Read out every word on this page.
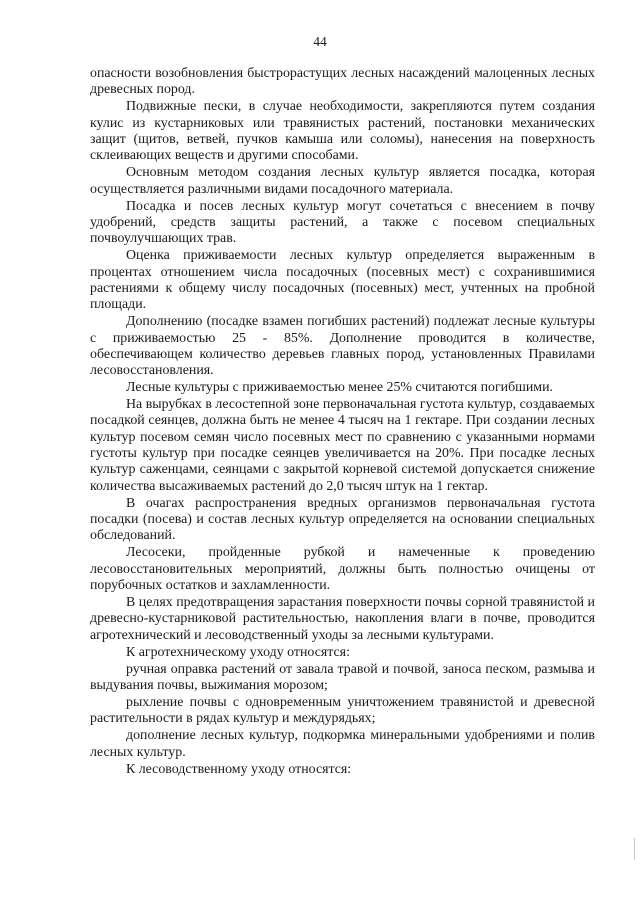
44

опасности возобновления быстрорастущих лесных насаждений малоценных лесных древесных пород.

Подвижные пески, в случае необходимости, закрепляются путем создания кулис из кустарниковых или травянистых растений, постановки механических защит (щитов, ветвей, пучков камыша или соломы), нанесения на поверхность склеивающих веществ и другими способами.

Основным методом создания лесных культур является посадка, которая осуществляется различными видами посадочного материала.

Посадка и посев лесных культур могут сочетаться с внесением в почву удобрений, средств защиты растений, а также с посевом специальных почвоулучшающих трав.

Оценка приживаемости лесных культур определяется выраженным в процентах отношением числа посадочных (посевных мест) с сохранившимися растениями к общему числу посадочных (посевных) мест, учтенных на пробной площади.

Дополнению (посадке взамен погибших растений) подлежат лесные культуры с приживаемостью 25 - 85%. Дополнение проводится в количестве, обеспечивающем количество деревьев главных пород, установленных Правилами лесовосстановления.

Лесные культуры с приживаемостью менее 25% считаются погибшими.

На вырубках в лесостепной зоне первоначальная густота культур, создаваемых посадкой сеянцев, должна быть не менее 4 тысяч на 1 гектаре. При создании лесных культур посевом семян число посевных мест по сравнению с указанными нормами густоты культур при посадке сеянцев увеличивается на 20%. При посадке лесных культур саженцами, сеянцами с закрытой корневой системой допускается снижение количества высаживаемых растений до 2,0 тысяч штук на 1 гектар.

В очагах распространения вредных организмов первоначальная густота посадки (посева) и состав лесных культур определяется на основании специальных обследований.

Лесосеки, пройденные рубкой и намеченные к проведению лесовосстановительных мероприятий, должны быть полностью очищены от порубочных остатков и захламленности.

В целях предотвращения зарастания поверхности почвы сорной травянистой и древесно-кустарниковой растительностью, накопления влаги в почве, проводится агротехнический и лесоводственный уходы за лесными культурами.

К агротехническому уходу относятся:

ручная оправка растений от завала травой и почвой, заноса песком, размыва и выдувания почвы, выжимания морозом;

рыхление почвы с одновременным уничтожением травянистой и древесной растительности в рядах культур и междурядьях;

дополнение лесных культур, подкормка минеральными удобрениями и полив лесных культур.

К лесоводственному уходу относятся:
